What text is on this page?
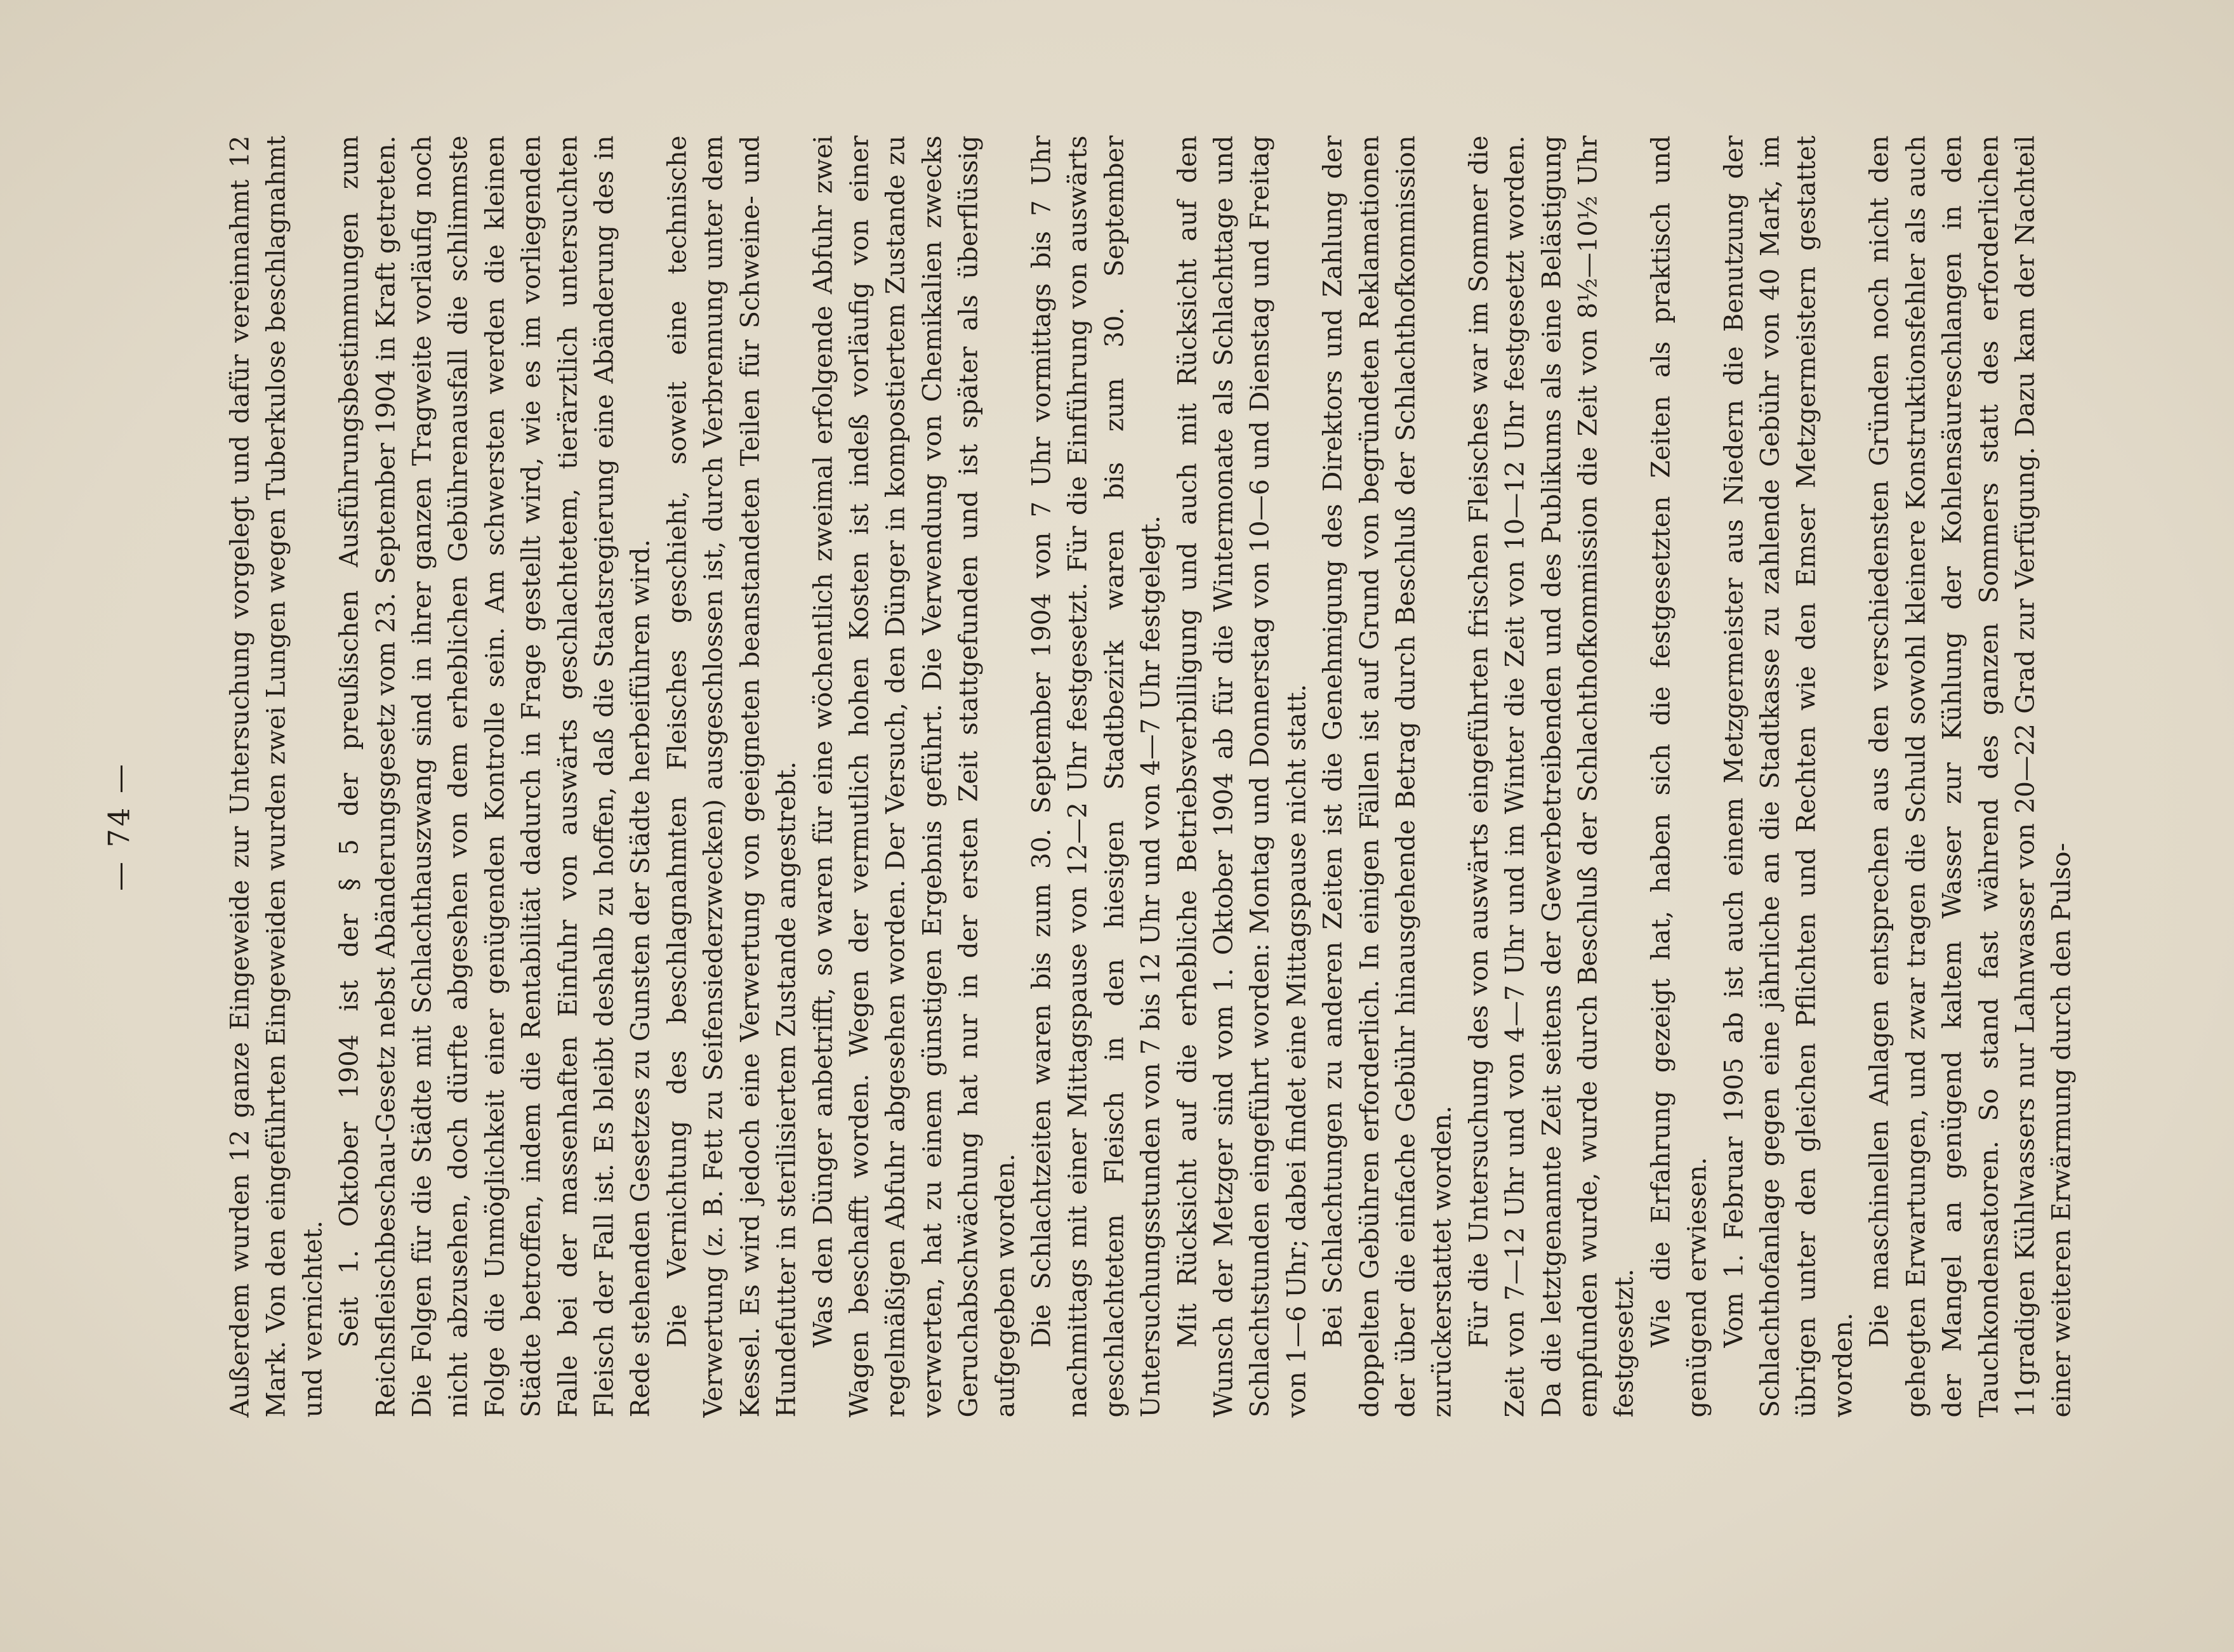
— 74 —	Außerdem wurden 12 ganze Eingeweide zur Untersuchung vorgelegt und dafür vereinnahmt 12 Mark. Von den eingeführten Eingeweiden wurden zwei Lungen wegen Tuberkulose beschlagnahmt und vernichtet. Seit 1. Oktober 1904 ist der § 5 der preußischen Ausführungsbestimmungen zum Reichsfleischbeschau-Gesetz nebst Abänderungsgesetz vom 23. September 1904 in Kraft getreten. Die Folgen für die Städte mit Schlachthauszwang sind in ihrer ganzen Tragweite vorläufig noch nicht abzusehen, doch dürfte abgesehen von dem erheblichen Gebührenausfall die schlimmste Folge die Unmöglichkeit einer genügenden Kontrolle sein. Am schwersten werden die kleinen Städte betroffen, indem die Rentabilität dadurch in Frage gestellt wird, wie es im vorliegenden Falle bei der massenhaften Einfuhr von auswärts geschlachtetem, tierärztlich untersuchten Fleisch der Fall ist. Es bleibt deshalb zu hoffen, daß die Staatsregierung eine Abänderung des in Rede stehenden Gesetzes zu Gunsten der Städte herbeiführen wird. Die Vernichtung des beschlagnahmten Fleisches geschieht, soweit eine technische Verwertung (z. B. Fett zu Seifensiederzwecken) ausgeschlossen ist, durch Verbrennung unter dem Kessel. Es wird jedoch eine Verwertung von geeigneten beanstandeten Teilen für Schweine- und Hundefutter in sterilisiertem Zustande angestrebt. Was den Dünger anbetrifft, so waren für eine wöchentlich zweimal erfolgende Abfuhr zwei Wagen beschafft worden. Wegen der vermutlich hohen Kosten ist indeß vorläufig von einer regelmäßigen Abfuhr abgesehen worden. Der Versuch, den Dünger in kompostiertem Zustande zu verwerten, hat zu einem günstigen Ergebnis geführt. Die Verwendung von Chemikalien zwecks Geruchabschwächung hat nur in der ersten Zeit stattgefunden und ist später als überflüssig aufgegeben worden. Die Schlachtzeiten waren bis zum 30. September 1904 von 7 Uhr vormittags bis 7 Uhr nachmittags mit einer Mittagspause von 12—2 Uhr festgesetzt. Für die Einführung von auswärts geschlachtetem Fleisch in den hiesigen Stadtbezirk waren bis zum 30. September Untersuchungsstunden von 7 bis 12 Uhr und von 4—7 Uhr festgelegt. Mit Rücksicht auf die erhebliche Betriebsverbilligung und auch mit Rücksicht auf den Wunsch der Metzger sind vom 1. Oktober 1904 ab für die Wintermonate als Schlachttage und Schlachtstunden eingeführt worden: Montag und Donnerstag von 10—6 und Dienstag und Freitag von 1—6 Uhr; dabei findet eine Mittagspause nicht statt. Bei Schlachtungen zu anderen Zeiten ist die Genehmigung des Direktors und Zahlung der doppelten Gebühren erforderlich. In einigen Fällen ist auf Grund von begründeten Reklamationen der über die einfache Gebühr hinausgehende Betrag durch Beschluß der Schlachthofkommission zurückerstattet worden. Für die Untersuchung des von auswärts eingeführten frischen Fleisches war im Sommer die Zeit von 7—12 Uhr und von 4—7 Uhr und im Winter die Zeit von 10—12 Uhr festgesetzt worden. Da die letztgenannte Zeit seitens der Gewerbetreibenden und des Publikums als eine Belästigung empfunden wurde, wurde durch Beschluß der Schlachthofkommission die Zeit von 8½—10½ Uhr festgesetzt. Wie die Erfahrung gezeigt hat, haben sich die festgesetzten Zeiten als praktisch und genügend erwiesen. Vom 1. Februar 1905 ab ist auch einem Metzgermeister aus Niedern die Benutzung der Schlachthofanlage gegen eine jährliche an die Stadtkasse zu zahlende Gebühr von 40 Mark, im übrigen unter den gleichen Pflichten und Rechten wie den Emser Metzgermeistern gestattet worden.

Die maschinellen Anlagen entsprechen aus den verschiedensten Gründen noch nicht den gehegten Erwartungen, und zwar tragen die Schuld sowohl kleinere Konstruktionsfehler als auch der Mangel an genügend kaltem Wasser zur Kühlung der Kohlensäureschlangen in den Tauchkondensatoren. So stand fast während des ganzen Sommers statt des erforderlichen 11gradigen Kühlwassers nur Lahnwasser von 20—22 Grad zur Verfügung. Dazu kam der Nachteil einer weiteren Erwärmung durch den Pulso-
